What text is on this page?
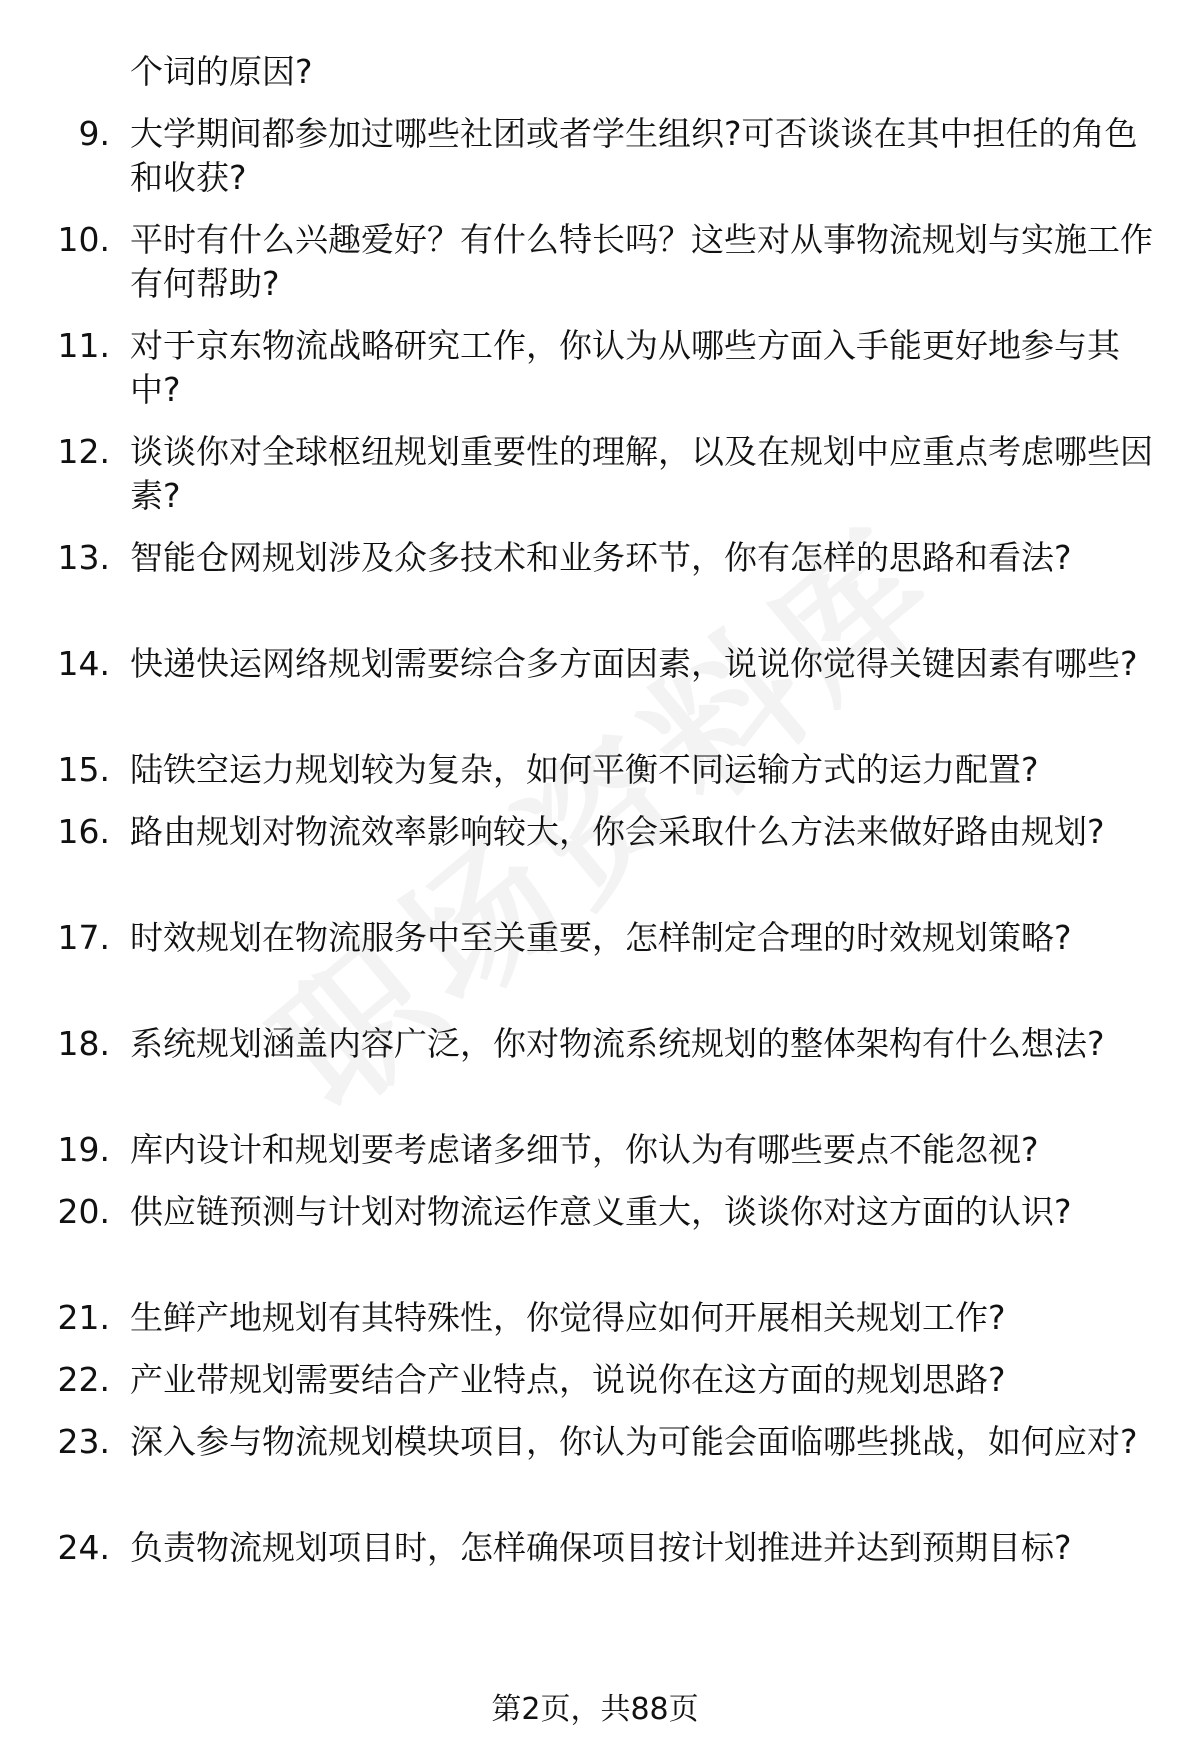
个词的原因?
9. 大学期间都参加过哪些社团或者学生组织?可否谈谈在其中担任的角色和收获?
10. 平时有什么兴趣爱好？有什么特长吗？这些对从事物流规划与实施工作有何帮助?
11. 对于京东物流战略研究工作，你认为从哪些方面入手能更好地参与其中?
12. 谈谈你对全球枢纽规划重要性的理解，以及在规划中应重点考虑哪些因素?
13. 智能仓网规划涉及众多技术和业务环节，你有怎样的思路和看法?
14. 快递快运网络规划需要综合多方面因素，说说你觉得关键因素有哪些?
15. 陆铁空运力规划较为复杂，如何平衡不同运输方式的运力配置?
16. 路由规划对物流效率影响较大，你会采取什么方法来做好路由规划?
17. 时效规划在物流服务中至关重要，怎样制定合理的时效规划策略?
18. 系统规划涵盖内容广泛，你对物流系统规划的整体架构有什么想法?
19. 库内设计和规划要考虑诸多细节，你认为有哪些要点不能忽视?
20. 供应链预测与计划对物流运作意义重大，谈谈你对这方面的认识?
21. 生鲜产地规划有其特殊性，你觉得应如何开展相关规划工作?
22. 产业带规划需要结合产业特点，说说你在这方面的规划思路?
23. 深入参与物流规划模块项目，你认为可能会面临哪些挑战，如何应对?
24. 负责物流规划项目时，怎样确保项目按计划推进并达到预期目标?
第2页，共88页
